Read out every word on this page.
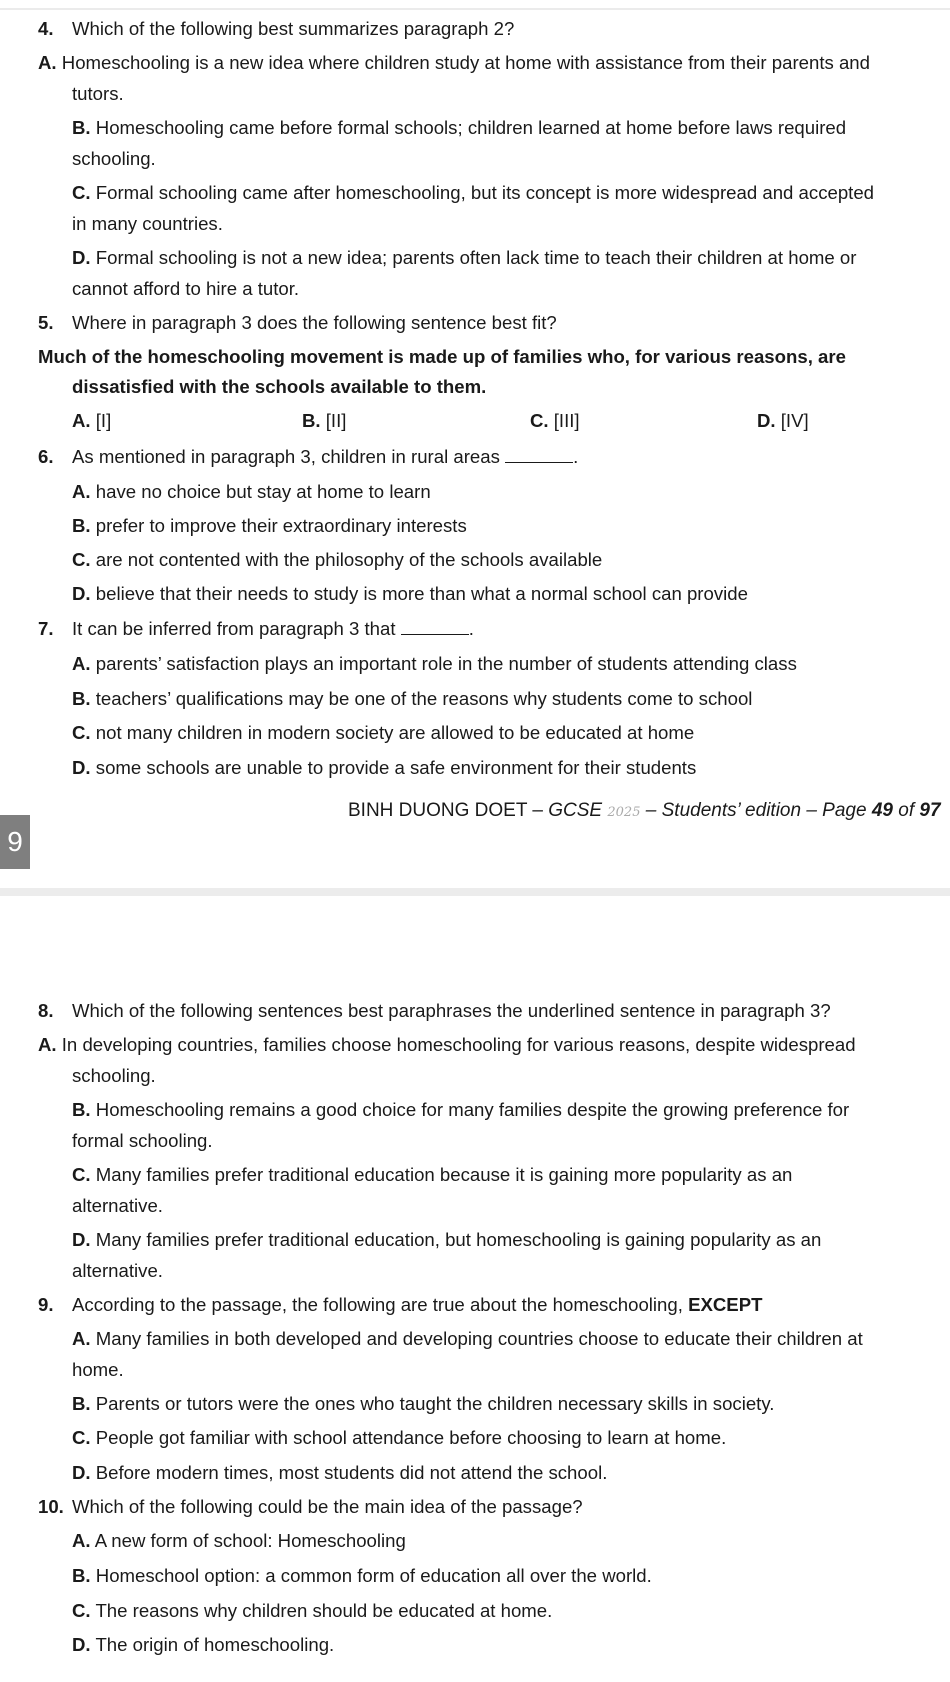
4. Which of the following best summarizes paragraph 2?
A. Homeschooling is a new idea where children study at home with assistance from their parents and
tutors.
B. Homeschooling came before formal schools; children learned at home before laws required
schooling.
C. Formal schooling came after homeschooling, but its concept is more widespread and accepted
in many countries.
D. Formal schooling is not a new idea; parents often lack time to teach their children at home or
cannot afford to hire a tutor.
5. Where in paragraph 3 does the following sentence best fit?
Much of the homeschooling movement is made up of families who, for various reasons, are
dissatisfied with the schools available to them.
A. [I]	B. [II]	C. [III]	D. [IV]
6. As mentioned in paragraph 3, children in rural areas	.
A. have no choice but stay at home to learn
B. prefer to improve their extraordinary interests
C. are not contented with the philosophy of the schools available
D. believe that their needs to study is more than what a normal school can provide
7. It can be inferred from paragraph 3 that	.
A. parents’ satisfaction plays an important role in the number of students attending class
B. teachers’ qualifications may be one of the reasons why students come to school
C. not many children in modern society are allowed to be educated at home
D. some schools are unable to provide a safe environment for their students
BINH DUONG DOET – GCSE 2025 – Students’ edition – Page 49 of 97
9
8. Which of the following sentences best paraphrases the underlined sentence in paragraph 3?
A. In developing countries, families choose homeschooling for various reasons, despite widespread
schooling.
B. Homeschooling remains a good choice for many families despite the growing preference for
formal schooling.
C. Many families prefer traditional education because it is gaining more popularity as an
alternative.
D. Many families prefer traditional education, but homeschooling is gaining popularity as an
alternative.
9. According to the passage, the following are true about the homeschooling, EXCEPT
A. Many families in both developed and developing countries choose to educate their children at
home.
B. Parents or tutors were the ones who taught the children necessary skills in society.
C. People got familiar with school attendance before choosing to learn at home.
D. Before modern times, most students did not attend the school.
10. Which of the following could be the main idea of the passage?
A. A new form of school: Homeschooling
B. Homeschool option: a common form of education all over the world.
C. The reasons why children should be educated at home.
D. The origin of homeschooling.
